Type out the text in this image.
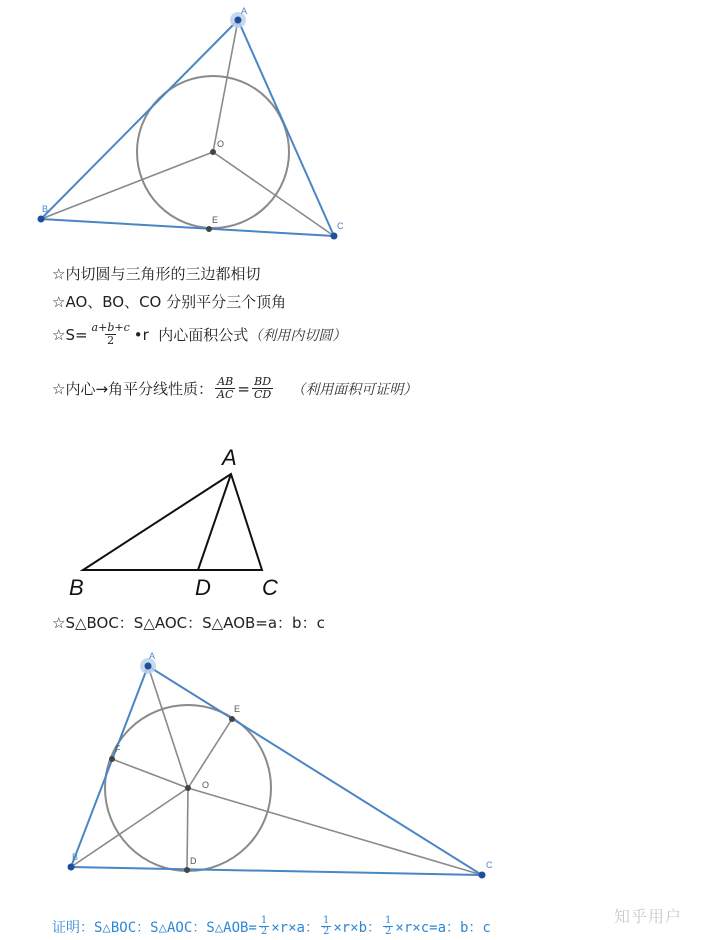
A
B
C
O
E
☆内切圆与三角形的三边都相切
☆AO、BO、CO 分别平分三个顶角
☆S= $\frac{a+b+c}{2}$ •r  内心面积公式 （利用内切圆）
☆内心→角平分线性质： $\frac{AB}{AC} = \frac{BD}{CD}$ （利用面积可证明）
A
B	D C
☆S△BOC：S△AOC：S△AOB=a：b：c
A
E
F
O
B	D	C
证明：S△BOC：S△AOC：S△AOB= $\frac{1}{2} \times r\times a$： $\frac{1}{2} \times r\times b$： $\frac{1}{2} \times r\times c=a$：b：c
知乎用户
